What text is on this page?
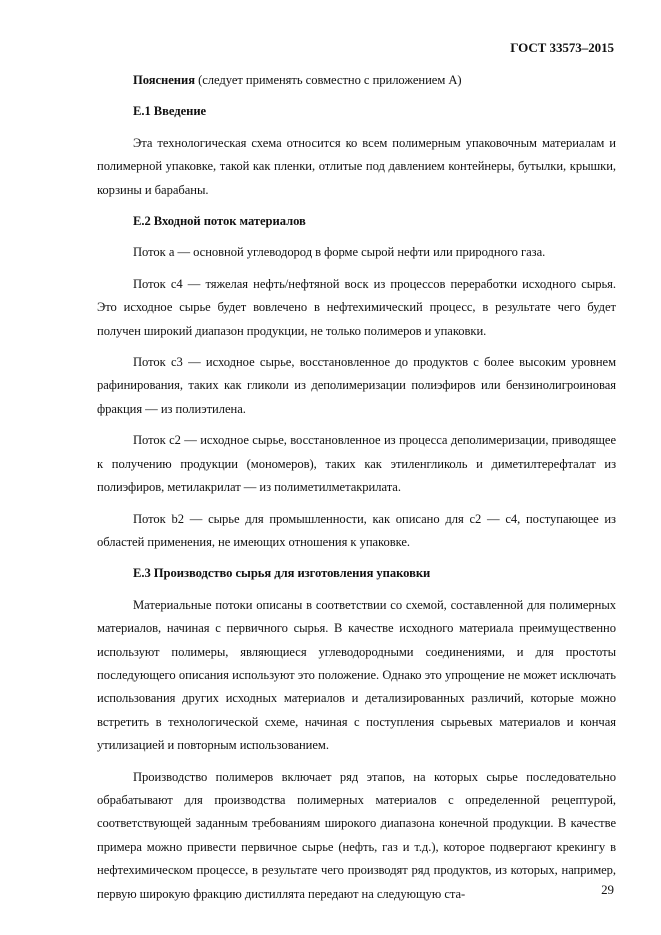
ГОСТ 33573–2015

Пояснения (следует применять совместно с приложением А)

Е.1 Введение

Эта технологическая схема относится ко всем полимерным упаковочным материалам и полимерной упаковке, такой как пленки, отлитые под давлением контейнеры, бутылки, крышки, корзины и барабаны.

Е.2 Входной поток материалов

Поток а — основной углеводород в форме сырой нефти или природного газа.

Поток с4 — тяжелая нефть/нефтяной воск из процессов переработки исходного сырья. Это исходное сырье будет вовлечено в нефтехимический процесс, в результате чего будет получен широкий диапазон продукции, не только полимеров и упаковки.

Поток с3 — исходное сырье, восстановленное до продуктов с более высоким уровнем рафинирования, таких как гликоли из деполимеризации полиэфиров или бензинолигроиновая фракция — из полиэтилена.

Поток с2 — исходное сырье, восстановленное из процесса деполимеризации, приводящее к получению продукции (мономеров), таких как этиленгликоль и диметилтерефталат из полиэфиров, метилакрилат — из полиметилметакрилата.

Поток b2 — сырье для промышленности, как описано для с2 — с4, поступающее из областей применения, не имеющих отношения к упаковке.

Е.3 Производство сырья для изготовления упаковки

Материальные потоки описаны в соответствии со схемой, составленной для полимерных материалов, начиная с первичного сырья. В качестве исходного материала преимущественно используют полимеры, являющиеся углеводородными соединениями, и для простоты последующего описания используют это положение. Однако это упрощение не может исключать использования других исходных материалов и детализированных различий, которые можно встретить в технологической схеме, начиная с поступления сырьевых материалов и кончая утилизацией и повторным использованием.

Производство полимеров включает ряд этапов, на которых сырье последовательно обрабатывают для производства полимерных материалов с определенной рецептурой, соответствующей заданным требованиям широкого диапазона конечной продукции. В качестве примера можно привести первичное сырье (нефть, газ и т.д.), которое подвергают крекингу в нефтехимическом процессе, в результате чего производят ряд продуктов, из которых, например, первую широкую фракцию дистиллята передают на следующую ста-	29
